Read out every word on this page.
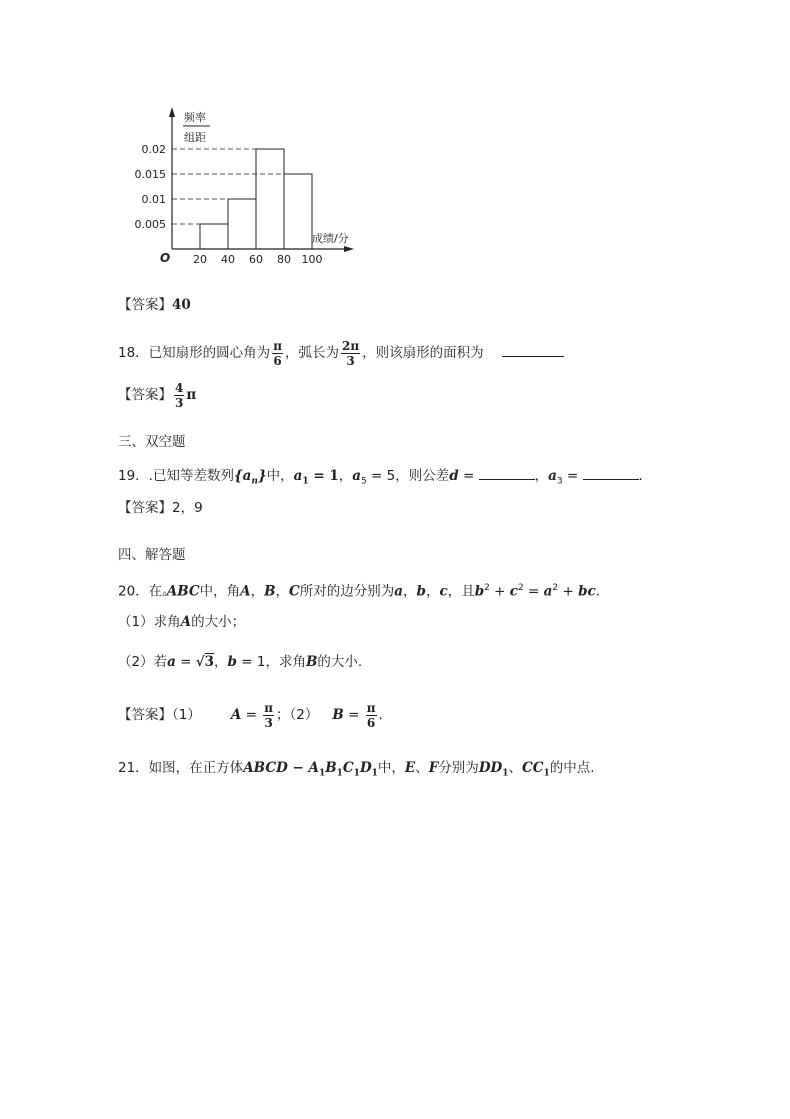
20 40 60 80 100
0.005
0.01
0.015
0.02
频率
组距
成绩/分
O
【答案】40
18．已知扇形的圆心角为 $\frac{\pi}{6}$ ，弧长为 $\frac{2\pi}{3}$ ，则该扇形的面积为
【答案】 $\frac{4}{3}$ π
三、双空题
19．.已知等差数列$\{a_n\}$中，$a_1 = 1$，$a_5 = 5$，则公差d =	，$a_3$ =	.
【答案】2，9
四、解答题
20．在▵ABC中，角A，B，C所对的边分别为a，b，c，且$b^2 + c^2 = a^2$ + bc.
（1）求角A的大小；
（2）若a = √3，b = 1，求角B的大小.
【答案】（1） $A = \frac{\pi}{3}$ ；（2） $B = \frac{\pi}{6}$ .
21．如图，在正方体ABCD − $A_1B_1C_1D_1$中，E、F分别为$DD_1$、$CC_1$的中点.
